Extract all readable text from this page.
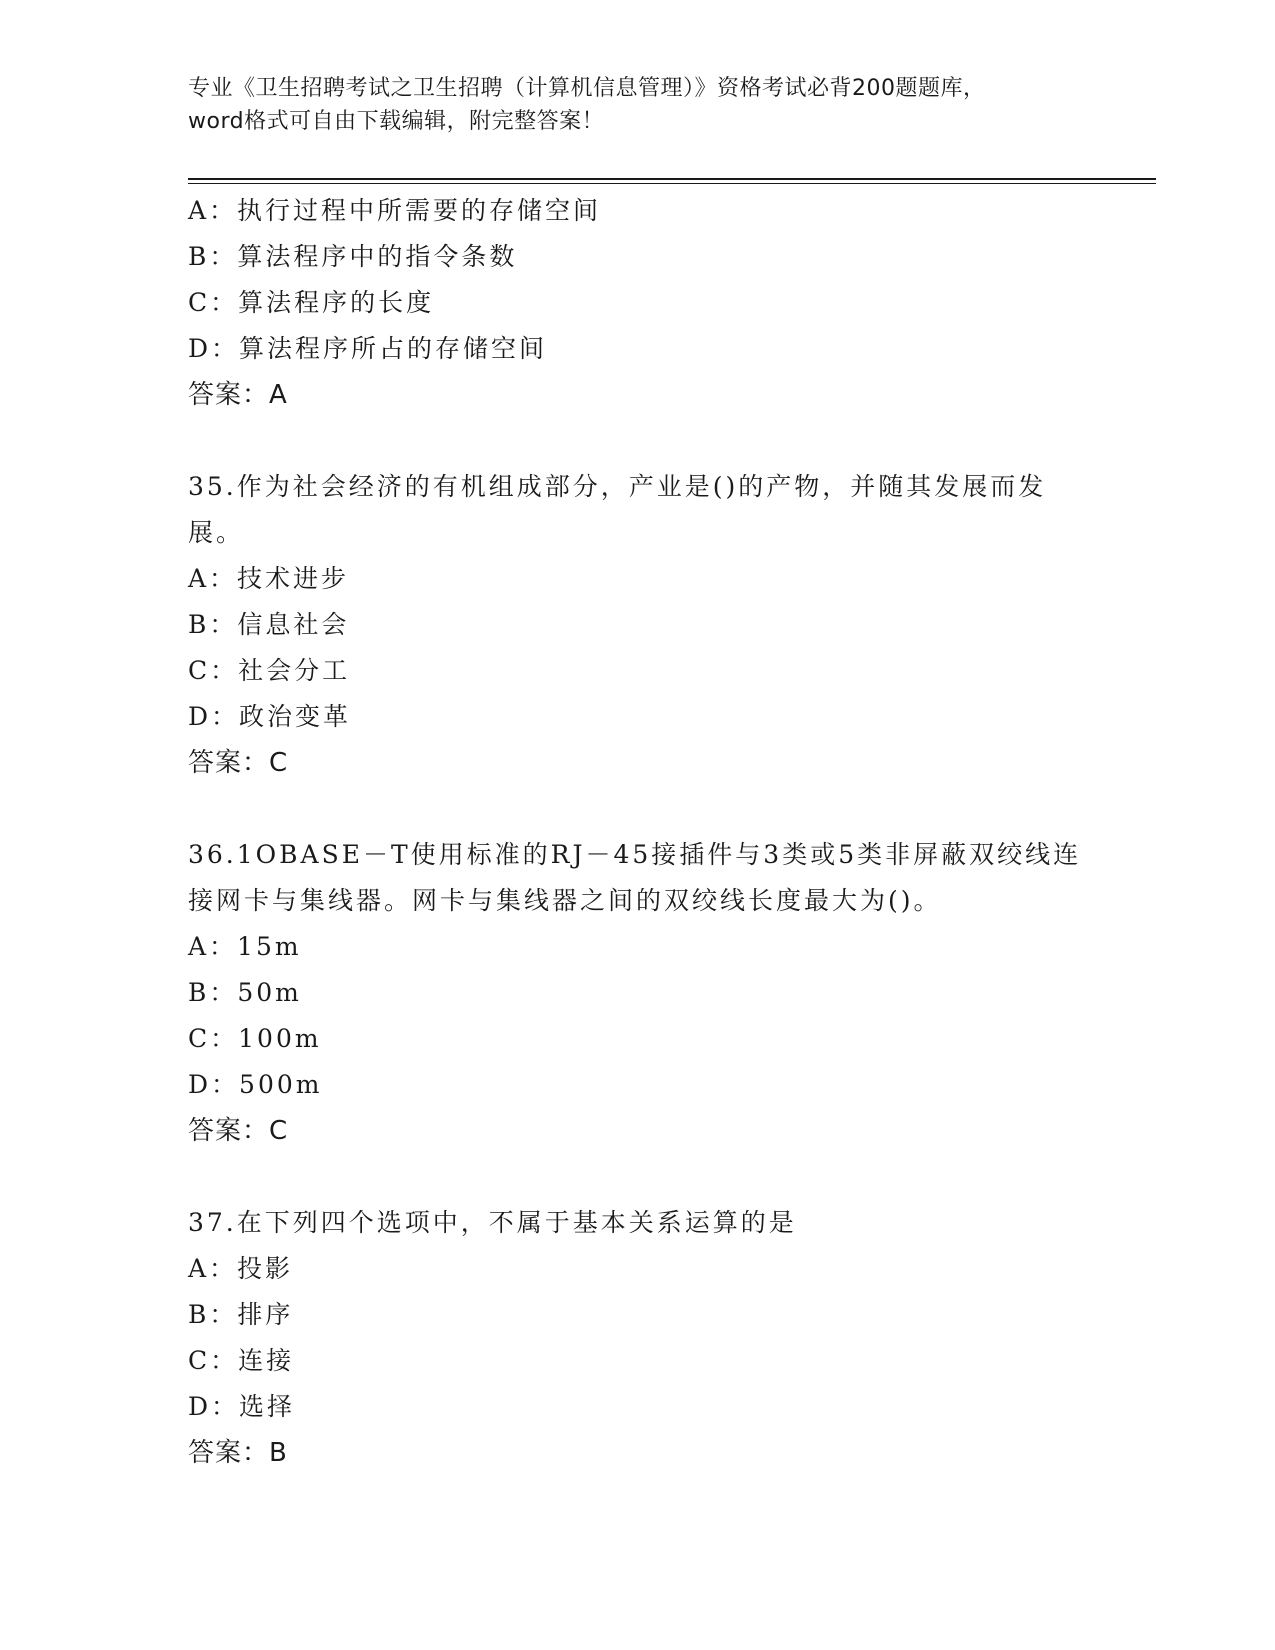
专业《卫生招聘考试之卫生招聘（计算机信息管理）》资格考试必背200题题库，
word格式可自由下载编辑，附完整答案！
A：执行过程中所需要的存储空间
B：算法程序中的指令条数
C：算法程序的长度
D：算法程序所占的存储空间
答案：A
35.作为社会经济的有机组成部分，产业是()的产物，并随其发展而发
展。
A：技术进步
B：信息社会
C：社会分工
D：政治变革
答案：C
36.1OBASE－T使用标准的RJ－45接插件与3类或5类非屏蔽双绞线连
接网卡与集线器。网卡与集线器之间的双绞线长度最大为()。
A：15m
B：50m
C：100m
D：500m
答案：C
37.在下列四个选项中，不属于基本关系运算的是
A：投影
B：排序
C：连接
D：选择
答案：B
